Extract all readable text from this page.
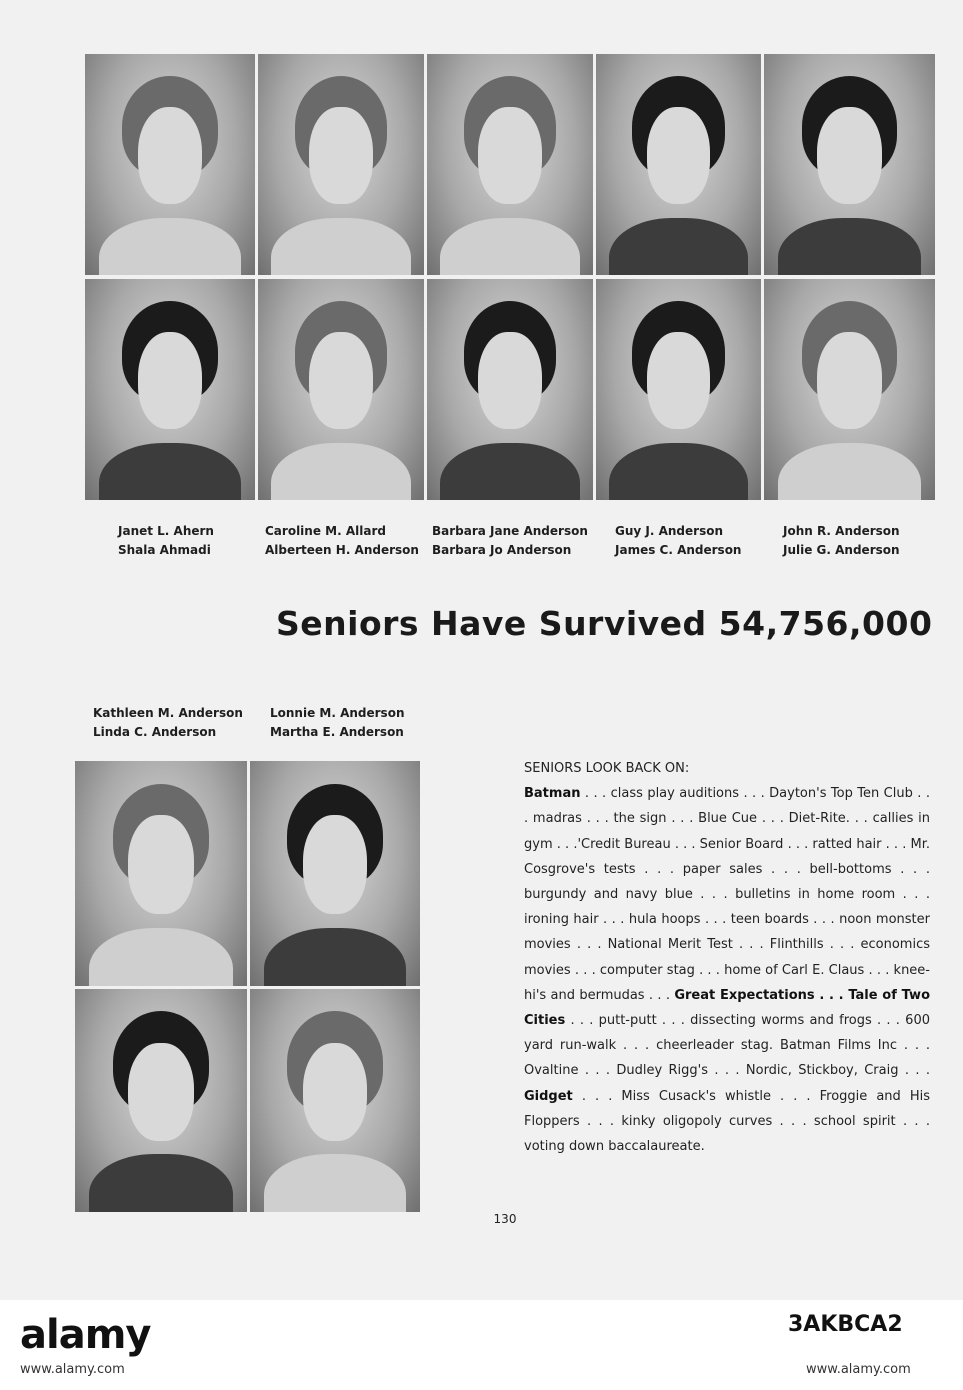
Janet L. Ahern
Shala Ahmadi
Caroline M. Allard
Alberteen H. Anderson
Barbara Jane Anderson
Barbara Jo Anderson
Guy J. Anderson
James C. Anderson
John R. Anderson
Julie G. Anderson
Seniors Have Survived 54,756,000
Kathleen M. Anderson
Linda C. Anderson
Lonnie M. Anderson
Martha E. Anderson
SENIORS LOOK BACK ON:

Batman . . . class play auditions . . . Dayton's Top Ten Club . . . madras . . . the sign . . . Blue Cue . . . Diet-Rite. . . callies in gym . . .'Credit Bureau . . . Senior Board . . . ratted hair . . . Mr. Cosgrove's tests . . . paper sales . . . bell-bottoms . . . burgundy and navy blue . . . bulletins in home room . . . ironing hair . . . hula hoops . . . teen boards . . . noon monster movies . . . National Merit Test . . . Flinthills . . . economics movies . . . computer stag . . . home of Carl E. Claus . . . knee-hi's and bermudas . . . Great Expectations . . . Tale of Two Cities . . . putt-putt . . . dissecting worms and frogs . . . 600 yard run-walk . . . cheerleader stag. Batman Films Inc . . . Ovaltine . . . Dudley Rigg's . . . Nordic, Stickboy, Craig . . . Gidget . . . Miss Cusack's whistle . . . Froggie and His Floppers . . . kinky oligopoly curves . . . school spirit . . . voting down baccalaureate.

130
alamy	3AKBCA2
www.alamy.com	www.alamy.com
